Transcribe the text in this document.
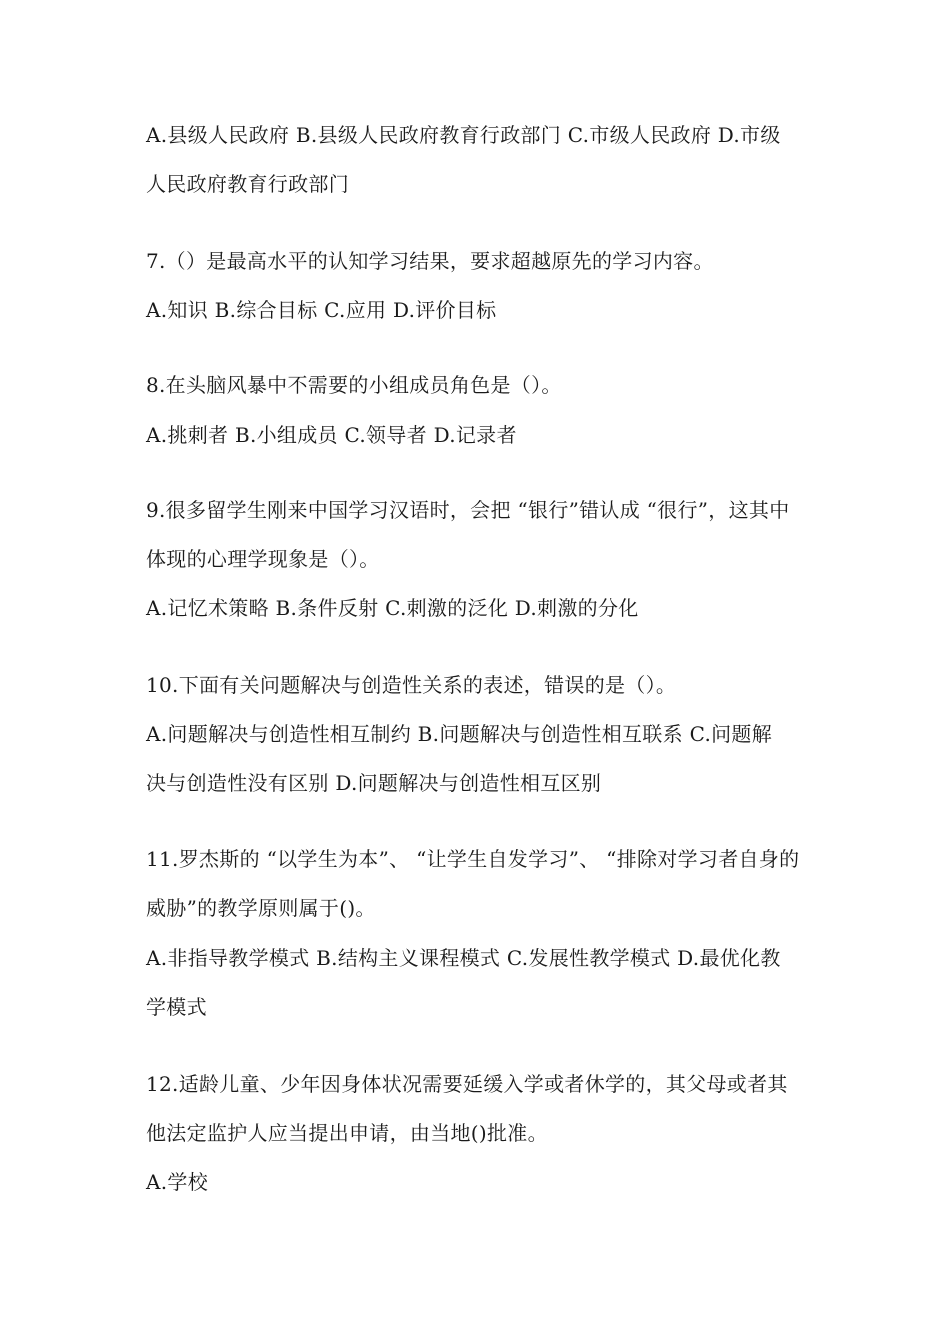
A.县级人民政府 B.县级人民政府教育行政部门 C.市级人民政府 D.市级
人民政府教育行政部门
7.（）是最高水平的认知学习结果，要求超越原先的学习内容。
A.知识 B.综合目标 C.应用 D.评价目标
8.在头脑风暴中不需要的小组成员角色是（）。
A.挑刺者 B.小组成员 C.领导者 D.记录者
9.很多留学生刚来中国学习汉语时，会把 “银行”错认成 “很行”，这其中
体现的心理学现象是（）。
A.记忆术策略 B.条件反射 C.刺激的泛化 D.刺激的分化
10.下面有关问题解决与创造性关系的表述，错误的是（）。
A.问题解决与创造性相互制约 B.问题解决与创造性相互联系 C.问题解
决与创造性没有区别 D.问题解决与创造性相互区别
11.罗杰斯的 “以学生为本”、 “让学生自发学习”、 “排除对学习者自身的
威胁”的教学原则属于()。
A.非指导教学模式 B.结构主义课程模式 C.发展性教学模式 D.最优化教
学模式
12.适龄儿童、少年因身体状况需要延缓入学或者休学的，其父母或者其
他法定监护人应当提出申请，由当地()批准。
A.学校
